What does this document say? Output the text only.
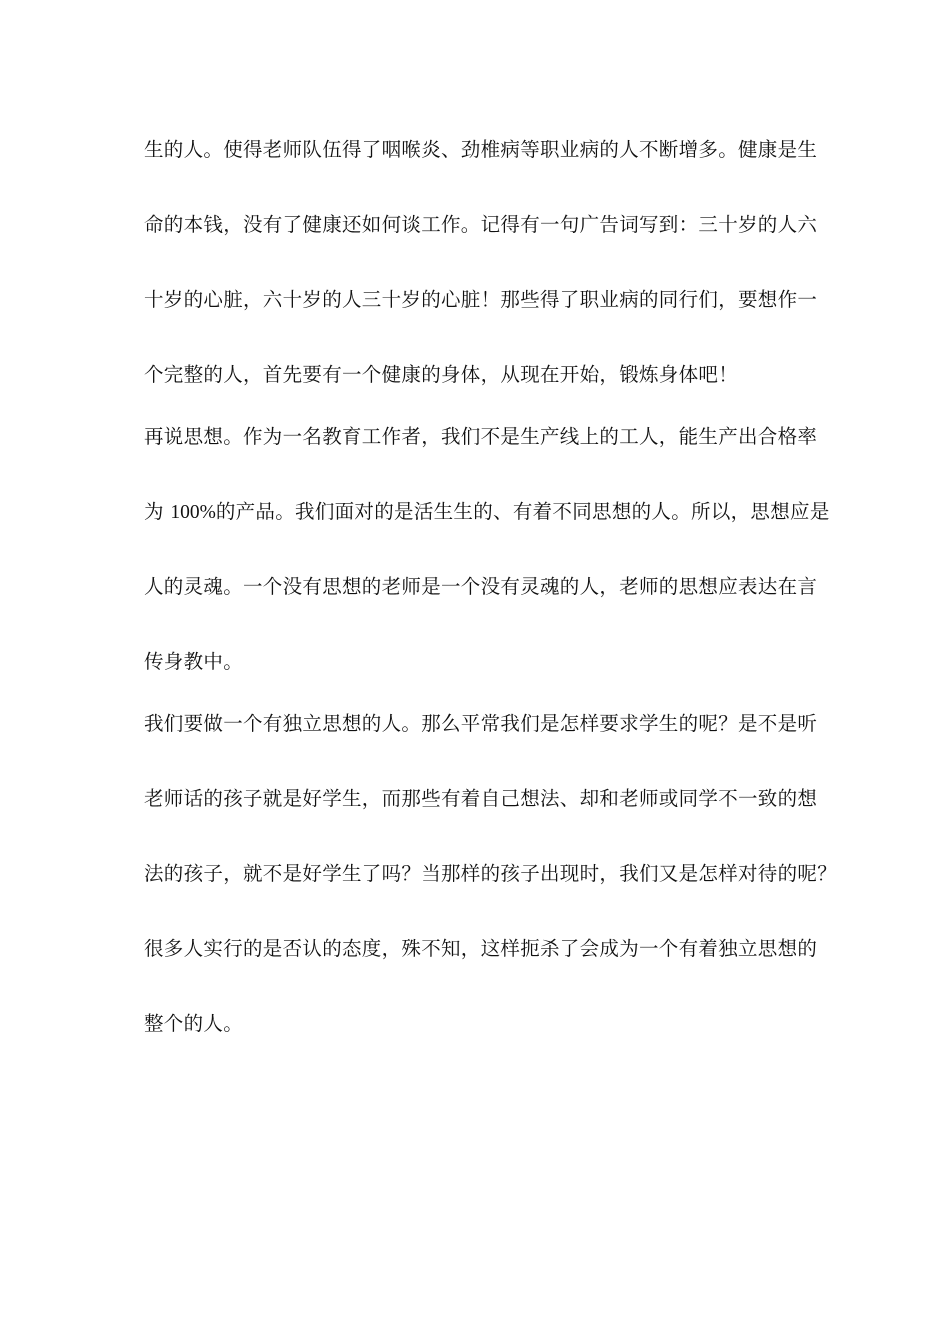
生的人。使得老师队伍得了咽喉炎、劲椎病等职业病的人不断增多。健康是生
命的本钱，没有了健康还如何谈工作。记得有一句广告词写到：三十岁的人六
十岁的心脏，六十岁的人三十岁的心脏！那些得了职业病的同行们，要想作一
个完整的人，首先要有一个健康的身体，从现在开始，锻炼身体吧！
再说思想。作为一名教育工作者，我们不是生产线上的工人，能生产出合格率
为 100%的产品。我们面对的是活生生的、有着不同思想的人。所以，思想应是
人的灵魂。一个没有思想的老师是一个没有灵魂的人，老师的思想应表达在言
传身教中。
我们要做一个有独立思想的人。那么平常我们是怎样要求学生的呢？是不是听
老师话的孩子就是好学生，而那些有着自己想法、却和老师或同学不一致的想
法的孩子，就不是好学生了吗？当那样的孩子出现时，我们又是怎样对待的呢？
很多人实行的是否认的态度，殊不知，这样扼杀了会成为一个有着独立思想的
整个的人。
